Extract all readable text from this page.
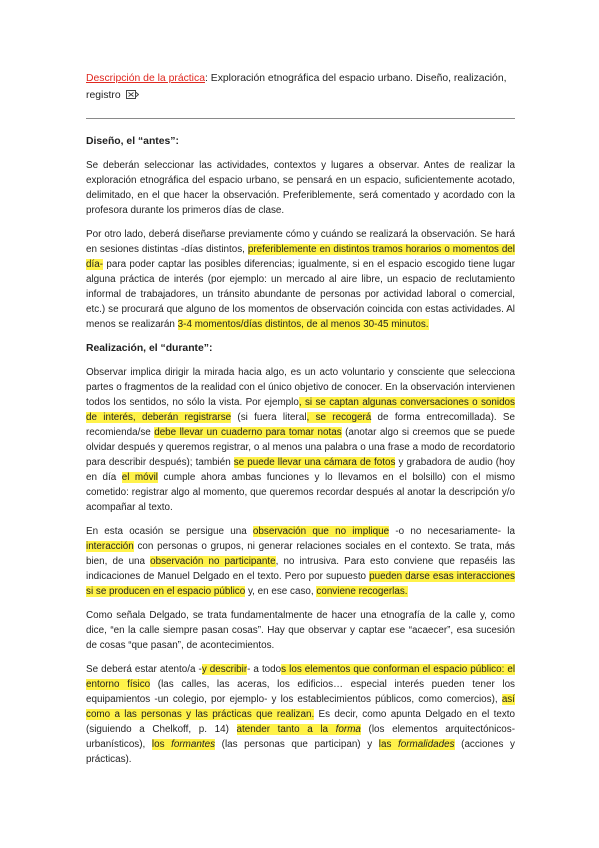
Descripción de la práctica: Exploración etnográfica del espacio urbano. Diseño, realización, registro

Diseño, el “antes”:

Se deberán seleccionar las actividades, contextos y lugares a observar. Antes de realizar la exploración etnográfica del espacio urbano, se pensará en un espacio, suficientemente acotado, delimitado, en el que hacer la observación. Preferiblemente, será comentado y acordado con la profesora durante los primeros días de clase.

Por otro lado, deberá diseñarse previamente cómo y cuándo se realizará la observación. Se hará en sesiones distintas -días distintos, preferiblemente en distintos tramos horarios o momentos del día- para poder captar las posibles diferencias; igualmente, si en el espacio escogido tiene lugar alguna práctica de interés (por ejemplo: un mercado al aire libre, un espacio de reclutamiento informal de trabajadores, un tránsito abundante de personas por actividad laboral o comercial, etc.) se procurará que alguno de los momentos de observación coincida con estas actividades. Al menos se realizarán 3-4 momentos/días distintos, de al menos 30-45 minutos.

Realización, el “durante”:

Observar implica dirigir la mirada hacia algo, es un acto voluntario y consciente que selecciona partes o fragmentos de la realidad con el único objetivo de conocer. En la observación intervienen todos los sentidos, no sólo la vista. Por ejemplo, si se captan algunas conversaciones o sonidos de interés, deberán registrarse (si fuera literal, se recogerá de forma entrecomillada). Se recomienda/se debe llevar un cuaderno para tomar notas (anotar algo si creemos que se puede olvidar después y queremos registrar, o al menos una palabra o una frase a modo de recordatorio para describir después); también se puede llevar una cámara de fotos y grabadora de audio (hoy en día el móvil cumple ahora ambas funciones y lo llevamos en el bolsillo) con el mismo cometido: registrar algo al momento, que queremos recordar después al anotar la descripción y/o acompañar al texto.

En esta ocasión se persigue una observación que no implique -o no necesariamente- la interacción con personas o grupos, ni generar relaciones sociales en el contexto. Se trata, más bien, de una observación no participante, no intrusiva. Para esto conviene que repaséis las indicaciones de Manuel Delgado en el texto. Pero por supuesto pueden darse esas interacciones si se producen en el espacio público y, en ese caso, conviene recogerlas.

Como señala Delgado, se trata fundamentalmente de hacer una etnografía de la calle y, como dice, “en la calle siempre pasan cosas”. Hay que observar y captar ese “acaecer”, esa sucesión de cosas “que pasan”, de acontecimientos.

Se deberá estar atento/a -y describir- a todos los elementos que conforman el espacio público: el entorno físico (las calles, las aceras, los edificios… especial interés pueden tener los equipamientos -un colegio, por ejemplo- y los establecimientos públicos, como comercios), así como a las personas y las prácticas que realizan. Es decir, como apunta Delgado en el texto (siguiendo a Chelkoff, p. 14) atender tanto a la forma (los elementos arquitectónicos-urbanísticos), los formantes (las personas que participan) y las formalidades (acciones y prácticas).
